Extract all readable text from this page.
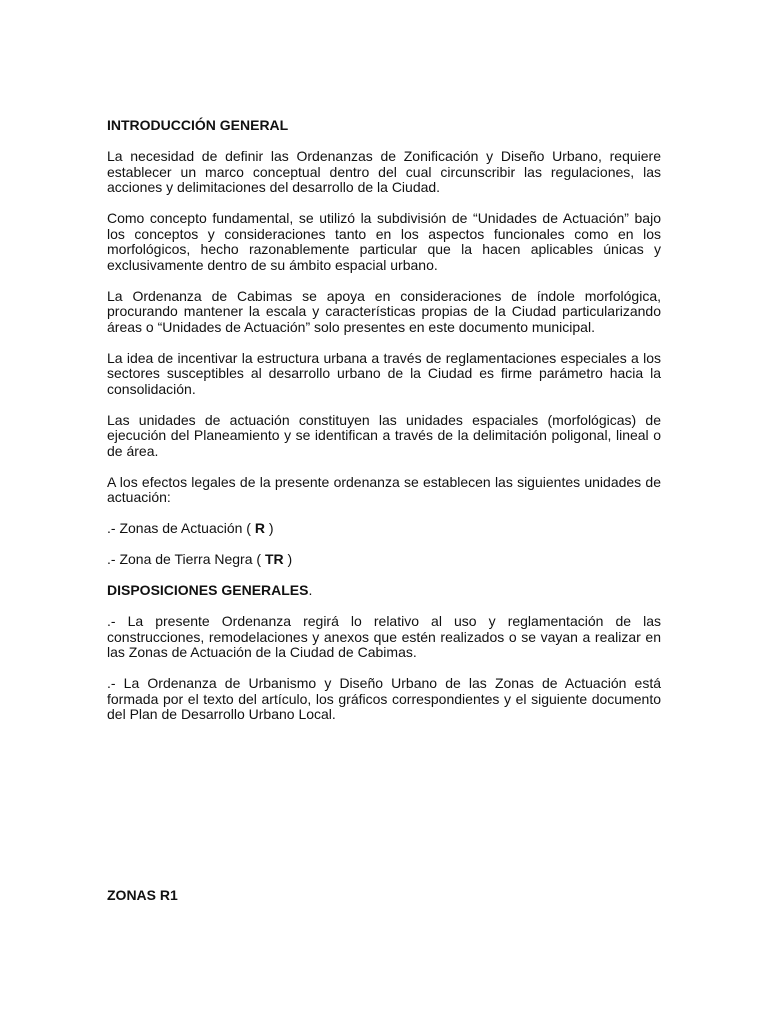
INTRODUCCIÓN GENERAL

La necesidad de definir las Ordenanzas de Zonificación y Diseño Urbano, requiere establecer un marco conceptual dentro del cual circunscribir las regulaciones, las acciones y delimitaciones del desarrollo de la Ciudad.

Como concepto fundamental, se utilizó la subdivisión de “Unidades de Actuación” bajo los conceptos y consideraciones tanto en los aspectos funcionales como en los morfológicos, hecho razonablemente particular que la hacen aplicables únicas y exclusivamente dentro de su ámbito espacial urbano.

La Ordenanza de Cabimas se apoya en consideraciones de índole morfológica, procurando mantener la escala y características propias de la Ciudad particularizando áreas o “Unidades de Actuación” solo presentes en este documento municipal.

La idea de incentivar la estructura urbana a través de reglamentaciones especiales a los sectores susceptibles al desarrollo urbano de la Ciudad es firme parámetro hacia la consolidación.

Las unidades de actuación constituyen las unidades espaciales (morfológicas) de ejecución del Planeamiento y se identifican a través de la delimitación poligonal, lineal o de área.

A los efectos legales de la presente ordenanza se establecen las siguientes unidades de actuación:

.- Zonas de Actuación ( R )

.- Zona de Tierra Negra ( TR )

DISPOSICIONES GENERALES.

.- La presente Ordenanza regirá lo relativo al uso y reglamentación de las construcciones, remodelaciones y anexos que estén realizados o se vayan a realizar en las Zonas de Actuación de la Ciudad de Cabimas.

.- La Ordenanza de Urbanismo y Diseño Urbano de las Zonas de Actuación está formada por el texto del artículo, los gráficos correspondientes y el siguiente documento del Plan de Desarrollo Urbano Local.

ZONAS R1
